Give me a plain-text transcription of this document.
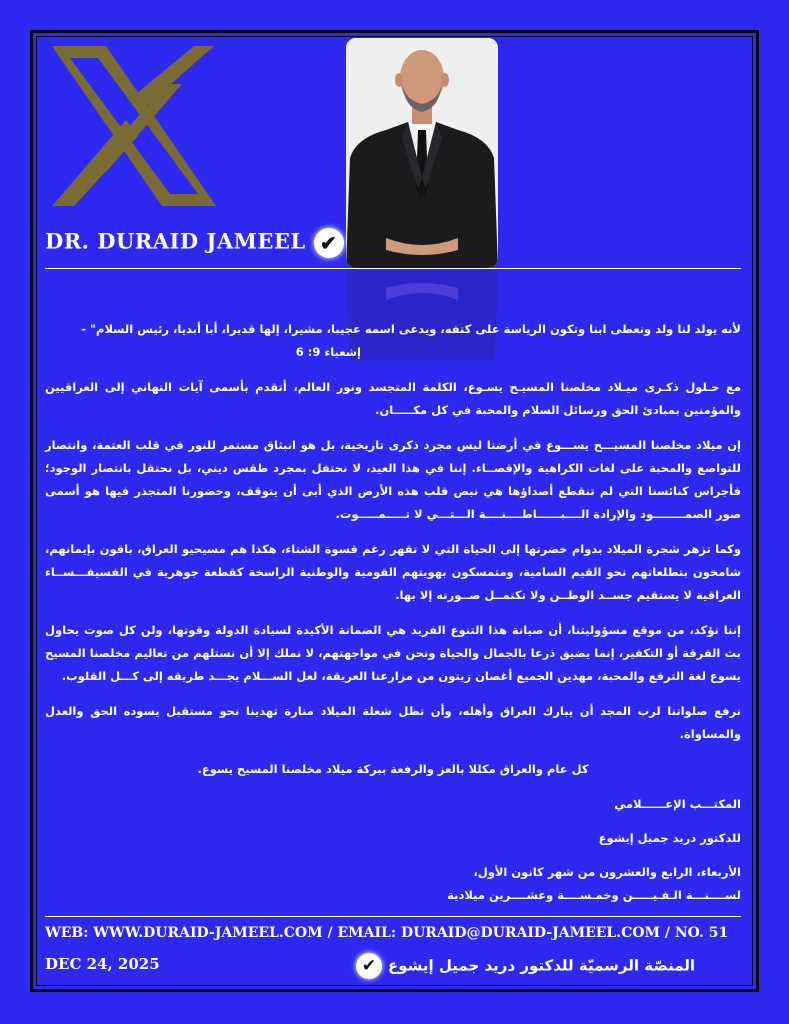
DR. DURAID JAMEEL ✔

لأنه يولد لنا ولد ونعطى ابنا وتكون الرياسة على كتفه، ويدعى اسمه عجيبا، مشيرا، إلها قديرا، أبا أبديا، رئيس السلام" -
إشعياء 9: 6

مع حـلول ذكـرى ميـلاد مخلصنا المسيـح يسـوع، الكلمة المتجسد ونور العالم، أتقدم بأسمى آيات التهاني إلى العراقيين والمؤمنين بمبادئ الحق ورسائل السلام والمحبة في كل مكـــــان.

إن ميلاد مخلصنا المسيـــح يســـوع في أرضنا ليس مجرد ذكرى تاريخية، بل هو انبثاق مستمر للنور في قلب العتمة، وانتصار للتواضع والمحبة على لغات الكراهية والإقصــاء. إننا في هذا العيد، لا نحتفل بمجرد طقس ديني، بل نحتفل بانتصار الوجود؛ فأجراس كنائسنا التي لم تنقطع أصداؤها هي نبض قلب هذه الأرض الذي أبى أن يتوقف، وحضورنا المتجذر فيها هو أسمى صور الصمــــــــود والإرادة الــــبــــــاطــــنــــة الـــتـــي لا تـــــمـــــوت.

وكما تزهر شجرة الميلاد بدوام خضرتها إلى الحياة التي لا تقهر رغم قسوة الشتاء، هكذا هم مسيحيو العراق، باقون بإيمانهم، شامخون بتطلعاتهم نحو القيم السامية، ومتمسكون بهويتهم القومية والوطنية الراسخة كقطعة جوهرية في الفسيفـــســاء العراقية لا يستقيم جســد الوطــن ولا تكتمــل صــورته إلا بها.

إننا نؤكد، من موقع مسؤوليتنا، أن صيانة هذا التنوع الفريد هي الضمانة الأكيدة لسيادة الدولة وقوتها، ولن كل صوت يحاول بث الفرقة أو التكفير، إنما يضيق ذرعا بالجمال والحياة ونحن في مواجهتهم، لا نملك إلا أن نستلهم من تعاليم مخلصنا المسيح يسوع لغة الترفع والمحبة، مهدين الجميع أغصان زيتون من مزارعنا العريقة، لعل الســـلام يجـــد طريقه إلى كـــل القلوب.

نرفع صلواتنا لرب المجد أن يبارك العراق وأهله، وأن تظل شعلة الميلاد منارة تهدينا نحو مستقبل يسوده الحق والعدل والمساواة.

كل عام والعراق مكللا بالعز والرفعة ببركة ميلاد مخلصنا المسيح يسوع.

المكتـــب الإعــــــلامي

للدكتور دريد جميل إيشوع

الأربعاء، الرابع والعشرون من شهر كانون الأول،

لســــنـــة الـفـيـــــن وخمـســــة وعشــــرين ميلادية

WEB: WWW.DURAID-JAMEEL.COM / EMAIL: DURAID@DURAID-JAMEEL.COM / NO. 51
DEC 24, 2025	المنصّة الرسميّة للدكتور دريد جميل إيشوع✔
